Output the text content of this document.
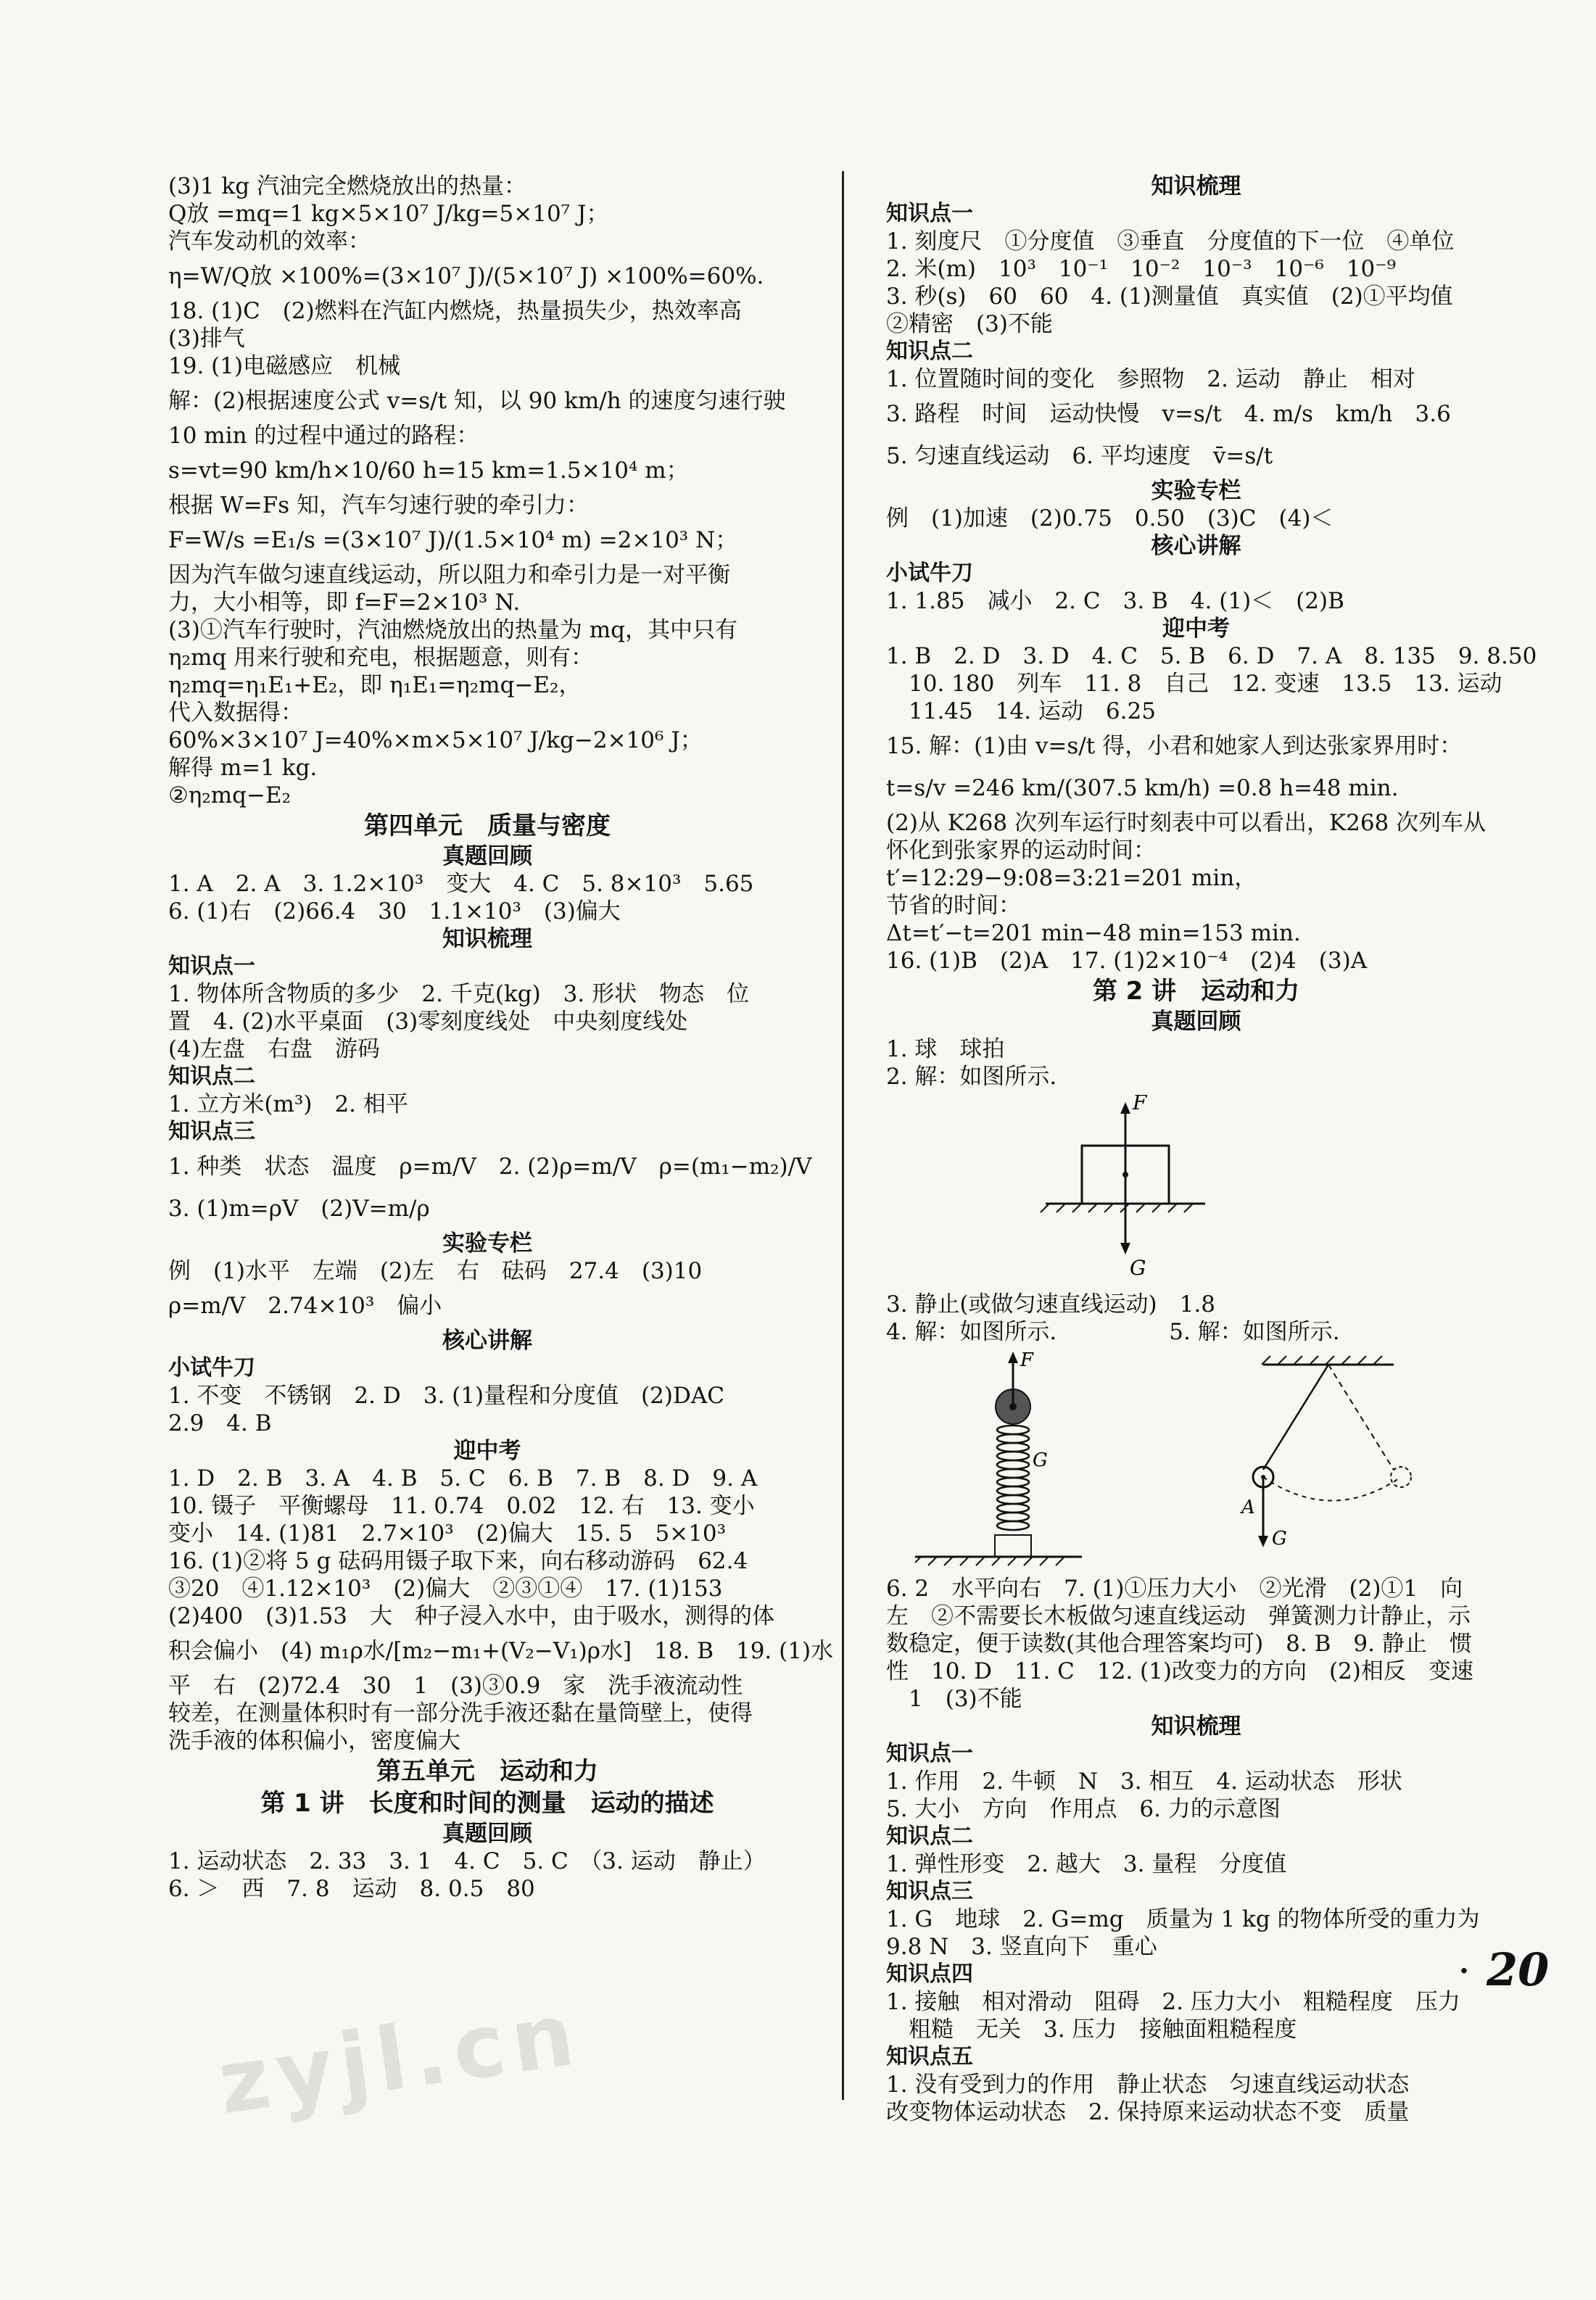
(3)1 kg 汽油完全燃烧放出的热量：
Q放 =mq=1 kg×5×10⁷ J/kg=5×10⁷ J；
汽车发动机的效率：
η=W/Q放 ×100%=(3×10⁷ J)/(5×10⁷ J) ×100%=60%.
18. (1)C　(2)燃料在汽缸内燃烧，热量损失少，热效率高
(3)排气
19. (1)电磁感应　机械
解：(2)根据速度公式 v=s/t 知，以 90 km/h 的速度匀速行驶
10 min 的过程中通过的路程：
s=vt=90 km/h×10/60 h=15 km=1.5×10⁴ m；
根据 W=Fs 知，汽车匀速行驶的牵引力：
F=W/s =E₁/s =(3×10⁷ J)/(1.5×10⁴ m) =2×10³ N；
因为汽车做匀速直线运动，所以阻力和牵引力是一对平衡
力，大小相等，即 f=F=2×10³ N.
(3)①汽车行驶时，汽油燃烧放出的热量为 mq，其中只有
η₂mq 用来行驶和充电，根据题意，则有：
η₂mq=η₁E₁+E₂，即 η₁E₁=η₂mq−E₂，
代入数据得：
60%×3×10⁷ J=40%×m×5×10⁷ J/kg−2×10⁶ J；
解得 m=1 kg.
②η₂mq−E₂
第四单元　质量与密度
真题回顾
1. A　2. A　3. 1.2×10³　变大　4. C　5. 8×10³　5.65
6. (1)右　(2)66.4　30　1.1×10³　(3)偏大
知识梳理
知识点一
1. 物体所含物质的多少　2. 千克(kg)　3. 形状　物态　位
置　4. (2)水平桌面　(3)零刻度线处　中央刻度线处
(4)左盘　右盘　游码
知识点二
1. 立方米(m³)　2. 相平
知识点三
1. 种类　状态　温度　ρ=m/V　2. (2)ρ=m/V　ρ=(m₁−m₂)/V
3. (1)m=ρV　(2)V=m/ρ
实验专栏
例　(1)水平　左端　(2)左　右　砝码　27.4　(3)10
ρ=m/V　2.74×10³　偏小
核心讲解
小试牛刀
1. 不变　不锈钢　2. D　3. (1)量程和分度值　(2)DAC
2.9　4. B
迎中考
1. D　2. B　3. A　4. B　5. C　6. B　7. B　8. D　9. A
10. 镊子　平衡螺母　11. 0.74　0.02　12. 右　13. 变小
变小　14. (1)81　2.7×10³　(2)偏大　15. 5　5×10³
16. (1)②将 5 g 砝码用镊子取下来，向右移动游码　62.4
③20　④1.12×10³　(2)偏大　②③①④　17. (1)153
(2)400　(3)1.53　大　种子浸入水中，由于吸水，测得的体
积会偏小　(4) m₁ρ水/[m₂−m₁+(V₂−V₁)ρ水]　18. B　19. (1)水
平　右　(2)72.4　30　1　(3)③0.9　家　洗手液流动性
较差，在测量体积时有一部分洗手液还黏在量筒壁上，使得
洗手液的体积偏小，密度偏大
第五单元　运动和力
第 1 讲　长度和时间的测量　运动的描述
真题回顾
1. 运动状态　2. 33　3. 1　4. C　5. C　（3. 运动　静止）
6. ＞　西　7. 8　运动　8. 0.5　80
知识梳理
知识点一
1. 刻度尺　①分度值　③垂直　分度值的下一位　④单位
2. 米(m)　10³　10⁻¹　10⁻²　10⁻³　10⁻⁶　10⁻⁹
3. 秒(s)　60　60　4. (1)测量值　真实值　(2)①平均值
②精密　(3)不能
知识点二
1. 位置随时间的变化　参照物　2. 运动　静止　相对
3. 路程　时间　运动快慢　v=s/t　4. m/s　km/h　3.6
5. 匀速直线运动　6. 平均速度　v̄=s/t
实验专栏
例　(1)加速　(2)0.75　0.50　(3)C　(4)＜
核心讲解
小试牛刀
1. 1.85　减小　2. C　3. B　4. (1)＜　(2)B
迎中考
1. B　2. D　3. D　4. C　5. B　6. D　7. A　8. 135　9. 8.50
　10. 180　列车　11. 8　自己　12. 变速　13.5　13. 运动
　11.45　14. 运动　6.25
15. 解：(1)由 v=s/t 得，小君和她家人到达张家界用时：
t=s/v =246 km/(307.5 km/h) =0.8 h=48 min.
(2)从 K268 次列车运行时刻表中可以看出，K268 次列车从
怀化到张家界的运动时间：
t′=12:29−9:08=3:21=201 min，
节省的时间：
Δt=t′−t=201 min−48 min=153 min.
16. (1)B　(2)A　17. (1)2×10⁻⁴　(2)4　(3)A
第 2 讲　运动和力
真题回顾
1. 球　球拍
2. 解：如图所示.
F
G
3. 静止(或做匀速直线运动)　1.8
4. 解：如图所示.　　　　　5. 解：如图所示.
F
G
A
G
6. 2　水平向右　7. (1)①压力大小　②光滑　(2)①1　向
左　②不需要长木板做匀速直线运动　弹簧测力计静止，示
数稳定，便于读数(其他合理答案均可)　8. B　9. 静止　惯
性　10. D　11. C　12. (1)改变力的方向　(2)相反　变速
　1　(3)不能
知识梳理
知识点一
1. 作用　2. 牛顿　N　3. 相互　4. 运动状态　形状
5. 大小　方向　作用点　6. 力的示意图
知识点二
1. 弹性形变　2. 越大　3. 量程　分度值
知识点三
1. G　地球　2. G=mg　质量为 1 kg 的物体所受的重力为
9.8 N　3. 竖直向下　重心
知识点四
1. 接触　相对滑动　阻碍　2. 压力大小　粗糙程度　压力
　粗糙　无关　3. 压力　接触面粗糙程度
知识点五
1. 没有受到力的作用　静止状态　匀速直线运动状态
改变物体运动状态　2. 保持原来运动状态不变　质量
· 20
zyjl.cn
